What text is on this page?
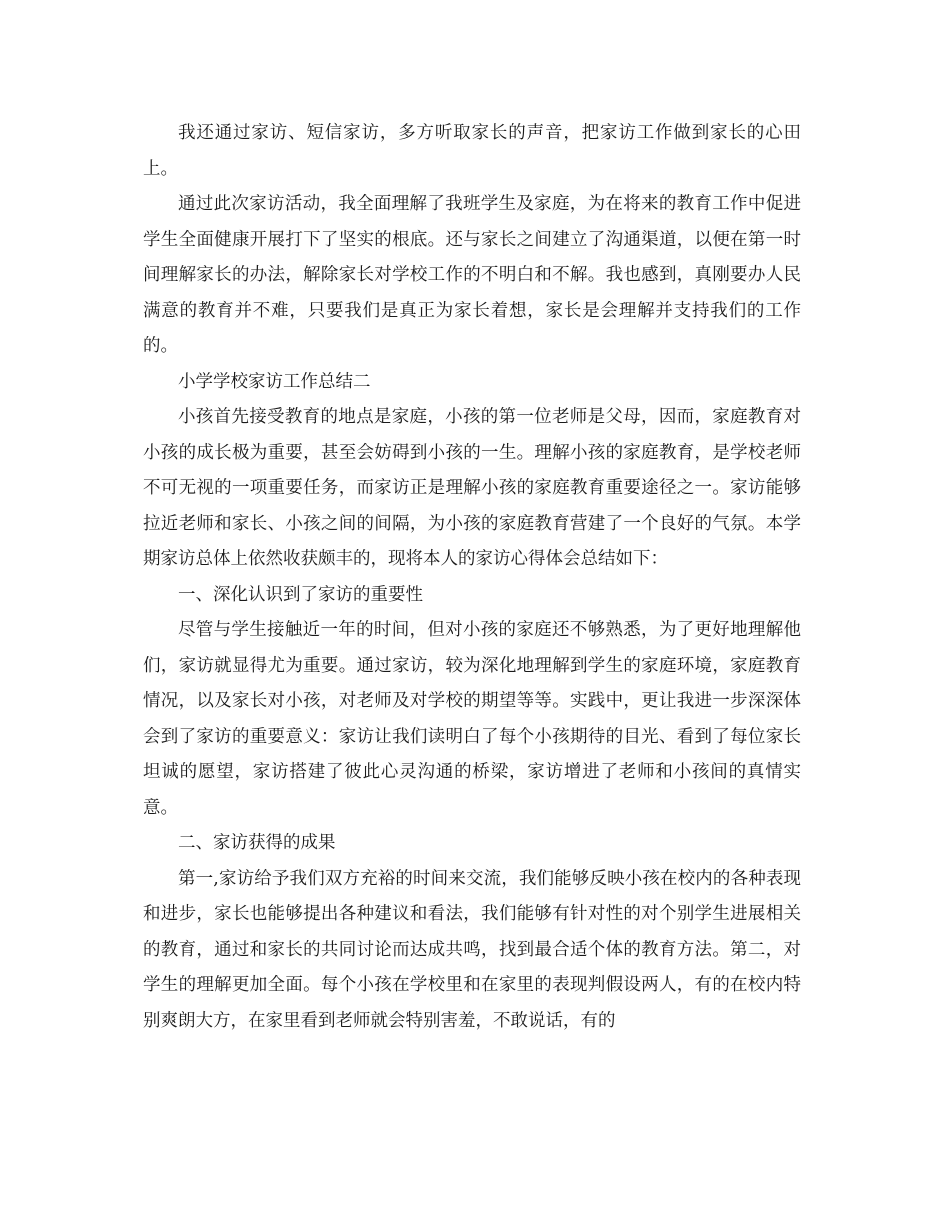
我还通过家访、短信家访，多方听取家长的声音，把家访工作做到家长的心田上。

通过此次家访活动，我全面理解了我班学生及家庭，为在将来的教育工作中促进学生全面健康开展打下了坚实的根底。还与家长之间建立了沟通渠道，以便在第一时间理解家长的办法，解除家长对学校工作的不明白和不解。我也感到，真刚要办人民满意的教育并不难，只要我们是真正为家长着想，家长是会理解并支持我们的工作的。

小学学校家访工作总结二

小孩首先接受教育的地点是家庭，小孩的第一位老师是父母，因而，家庭教育对小孩的成长极为重要，甚至会妨碍到小孩的一生。理解小孩的家庭教育，是学校老师不可无视的一项重要任务，而家访正是理解小孩的家庭教育重要途径之一。家访能够拉近老师和家长、小孩之间的间隔，为小孩的家庭教育营建了一个良好的气氛。本学期家访总体上依然收获颇丰的，现将本人的家访心得体会总结如下：

一、深化认识到了家访的重要性

尽管与学生接触近一年的时间，但对小孩的家庭还不够熟悉，为了更好地理解他们，家访就显得尤为重要。通过家访，较为深化地理解到学生的家庭环境，家庭教育情况，以及家长对小孩，对老师及对学校的期望等等。实践中，更让我进一步深深体会到了家访的重要意义：家访让我们读明白了每个小孩期待的目光、看到了每位家长坦诚的愿望，家访搭建了彼此心灵沟通的桥梁，家访增进了老师和小孩间的真情实意。

二、家访获得的成果

第一,家访给予我们双方充裕的时间来交流，我们能够反映小孩在校内的各种表现和进步，家长也能够提出各种建议和看法，我们能够有针对性的对个别学生进展相关的教育，通过和家长的共同讨论而达成共鸣，找到最合适个体的教育方法。第二，对学生的理解更加全面。每个小孩在学校里和在家里的表现判假设两人，有的在校内特别爽朗大方，在家里看到老师就会特别害羞，不敢说话，有的
